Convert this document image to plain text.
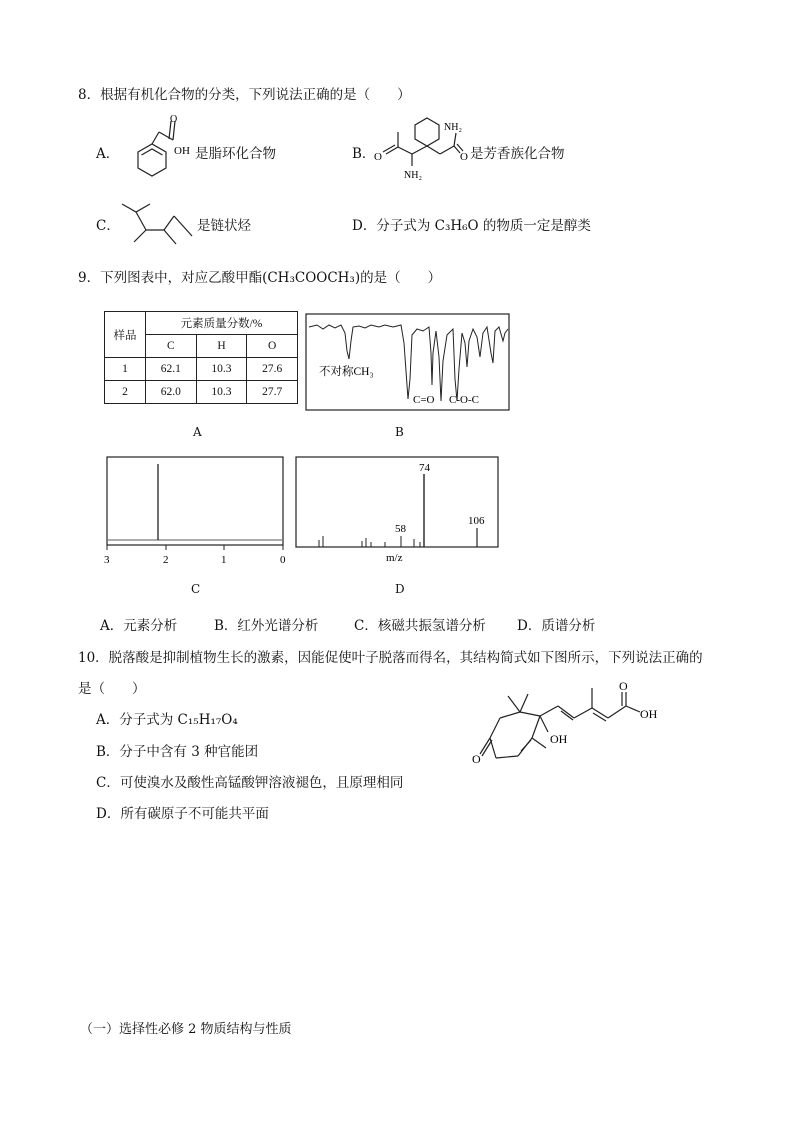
8．根据有机化合物的分类，下列说法正确的是（　　）
A．
O
OH 是脂环化合物	B．
O
NH₂
O
NH₂
是芳香族化合物
C．	是链状烃	D．分子式为 C₃H₆O 的物质一定是醇类
9．下列图表中，对应乙酸甲酯(CH₃COOCH₃)的是（　　）
样品	元素质量分数/%		
	C	H	O
1	62.1	10.3	27.6
2	62.0	10.3	27.7
A
不对称CH₃
C=O C-O-C
B
3	2	1	0
C
74
58
106
m/z
D
A．元素分析	B．红外光谱分析	C．核磁共振氢谱分析 D．质谱分析
10．脱落酸是抑制植物生长的激素，因能促使叶子脱落而得名，其结构简式如下图所示，下列说法正确的
是（　　）
A．分子式为 C₁₅H₁₇O₄
B．分子中含有 3 种官能团
C．可使溴水及酸性高锰酸钾溶液褪色，且原理相同
D．所有碳原子不可能共平面
O
OH
O
OH
（一）选择性必修 2 物质结构与性质
